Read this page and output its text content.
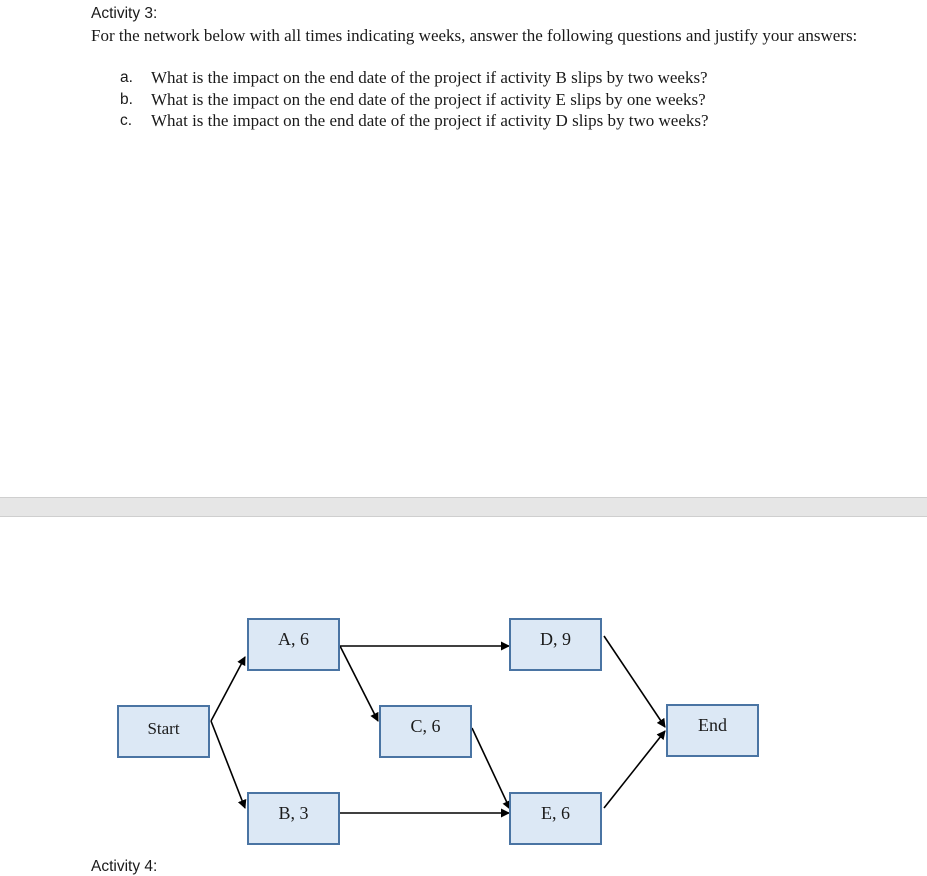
Activity 3:
For the network below with all times indicating weeks, answer the following questions and justify your answers:
a.	What is the impact on the end date of the project if activity B slips by two weeks?
b.	What is the impact on the end date of the project if activity E slips by one weeks?
c.	What is the impact on the end date of the project if activity D slips by two weeks?
Start
A, 6
B, 3
C, 6
D, 9
E, 6
End
Activity 4:
